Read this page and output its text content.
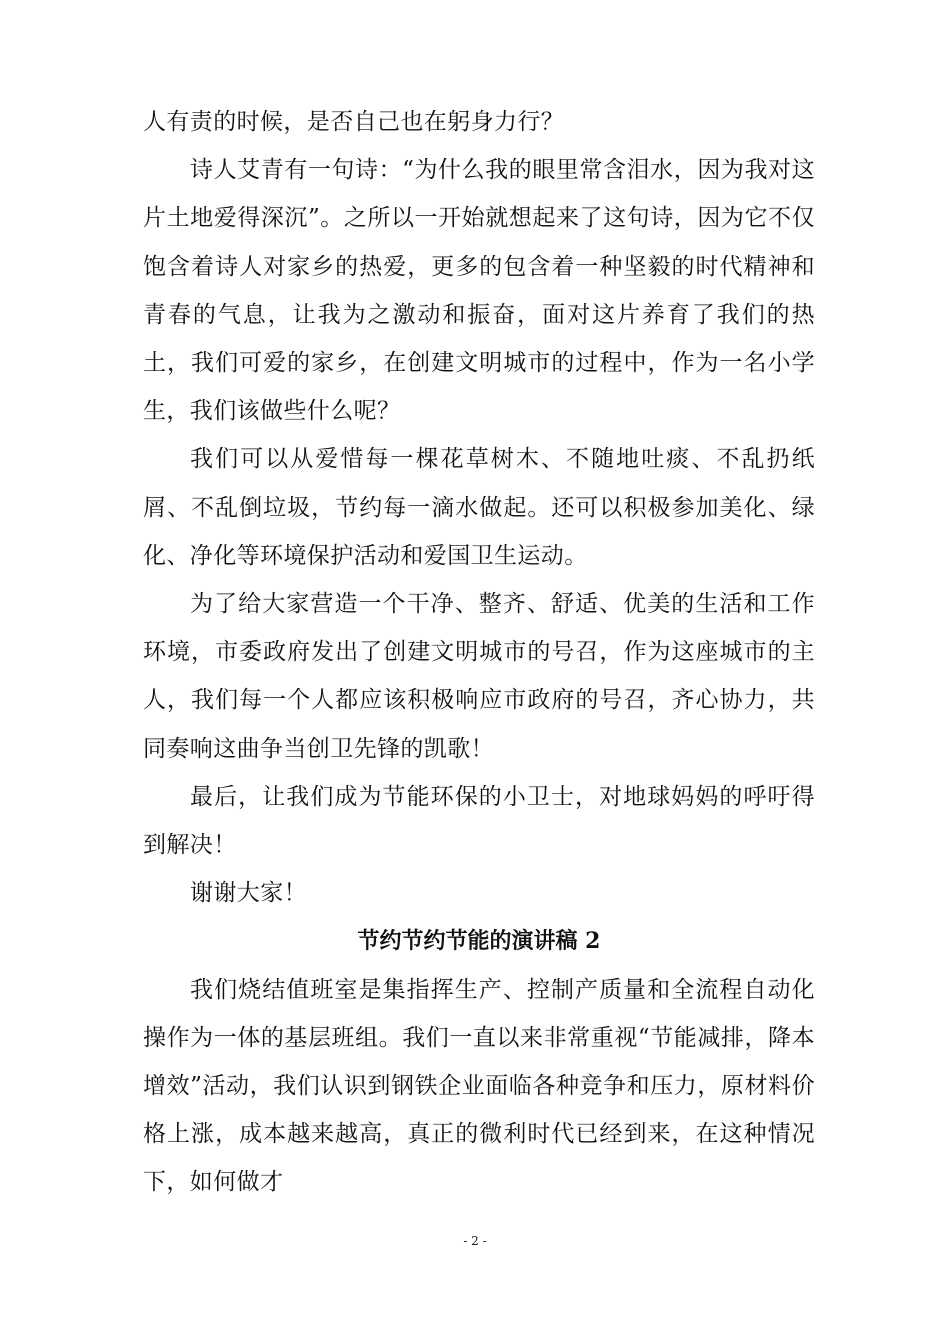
人有责的时候，是否自己也在躬身力行？

诗人艾青有一句诗：“为什么我的眼里常含泪水，因为我对这片土地爱得深沉”。之所以一开始就想起来了这句诗，因为它不仅饱含着诗人对家乡的热爱，更多的包含着一种坚毅的时代精神和青春的气息，让我为之激动和振奋，面对这片养育了我们的热土，我们可爱的家乡，在创建文明城市的过程中，作为一名小学生，我们该做些什么呢？

我们可以从爱惜每一棵花草树木、不随地吐痰、不乱扔纸屑、不乱倒垃圾，节约每一滴水做起。还可以积极参加美化、绿化、净化等环境保护活动和爱国卫生运动。

为了给大家营造一个干净、整齐、舒适、优美的生活和工作环境，市委政府发出了创建文明城市的号召，作为这座城市的主人，我们每一个人都应该积极响应市政府的号召，齐心协力，共同奏响这曲争当创卫先锋的凯歌！

最后，让我们成为节能环保的小卫士，对地球妈妈的呼吁得到解决！

谢谢大家！

节约节约节能的演讲稿 2

我们烧结值班室是集指挥生产、控制产质量和全流程自动化操作为一体的基层班组。我们一直以来非常重视“节能减排，降本增效”活动，我们认识到钢铁企业面临各种竞争和压力，原材料价格上涨，成本越来越高，真正的微利时代已经到来，在这种情况下，如何做才

- 2 -
